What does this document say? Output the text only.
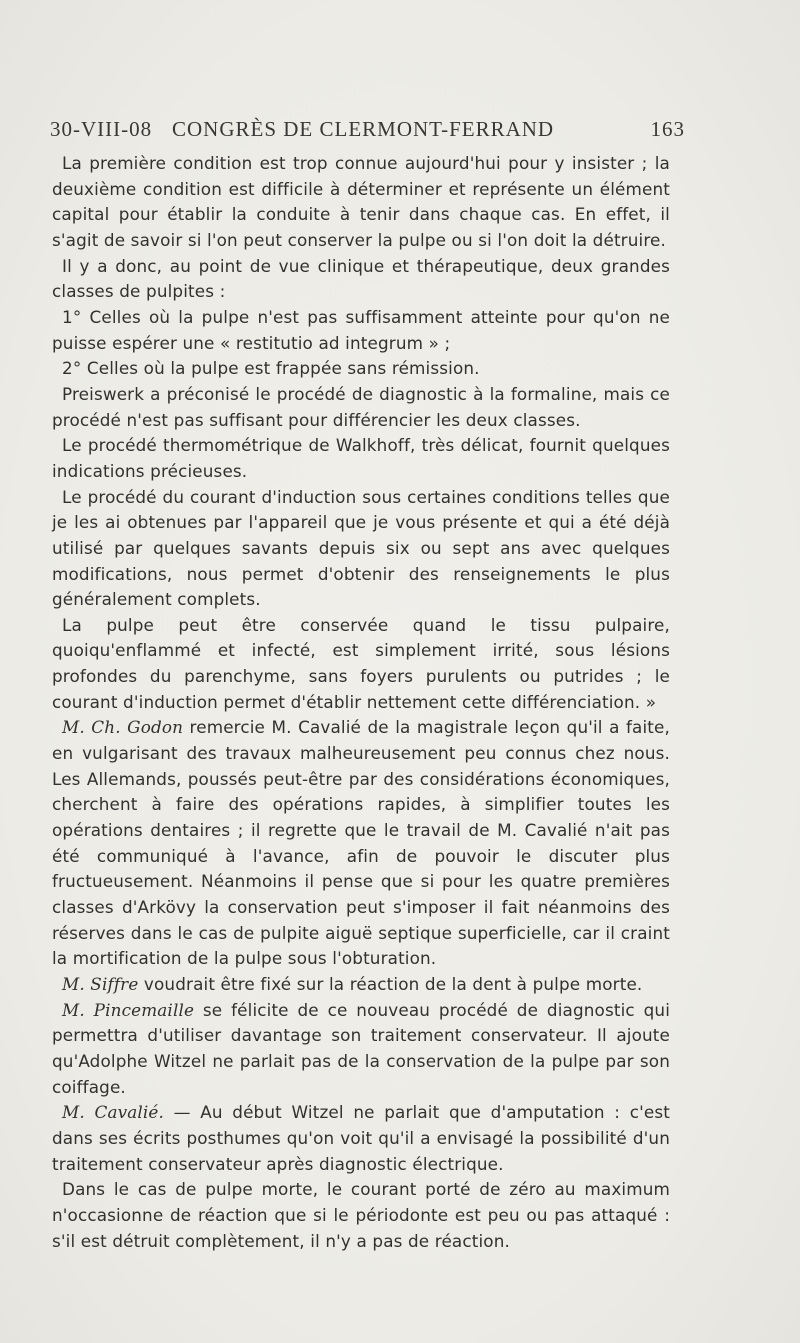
30-VIII-08 CONGRÈS DE CLERMONT-FERRAND	163

La première condition est trop connue aujourd'hui pour y insister ; la deuxième condition est difficile à déterminer et représente un élément capital pour établir la conduite à tenir dans chaque cas. En effet, il s'agit de savoir si l'on peut conserver la pulpe ou si l'on doit la détruire.

Il y a donc, au point de vue clinique et thérapeutique, deux grandes classes de pulpites :

1° Celles où la pulpe n'est pas suffisamment atteinte pour qu'on ne puisse espérer une « restitutio ad integrum » ;

2° Celles où la pulpe est frappée sans rémission.

Preiswerk a préconisé le procédé de diagnostic à la formaline, mais ce procédé n'est pas suffisant pour différencier les deux classes.

Le procédé thermométrique de Walkhoff, très délicat, fournit quelques indications précieuses.

Le procédé du courant d'induction sous certaines conditions telles que je les ai obtenues par l'appareil que je vous présente et qui a été déjà utilisé par quelques savants depuis six ou sept ans avec quelques modifications, nous permet d'obtenir des renseignements le plus généralement complets.

La pulpe peut être conservée quand le tissu pulpaire, quoiqu'enflammé et infecté, est simplement irrité, sous lésions profondes du parenchyme, sans foyers purulents ou putrides ; le courant d'induction permet d'établir nettement cette différenciation. »

M. Ch. Godon remercie M. Cavalié de la magistrale leçon qu'il a faite, en vulgarisant des travaux malheureusement peu connus chez nous. Les Allemands, poussés peut-être par des considérations économiques, cherchent à faire des opérations rapides, à simplifier toutes les opérations dentaires ; il regrette que le travail de M. Cavalié n'ait pas été communiqué à l'avance, afin de pouvoir le discuter plus fructueusement. Néanmoins il pense que si pour les quatre premières classes d'Arkövy la conservation peut s'imposer il fait néanmoins des réserves dans le cas de pulpite aiguë septique superficielle, car il craint la mortification de la pulpe sous l'obturation.

M. Siffre voudrait être fixé sur la réaction de la dent à pulpe morte.

M. Pincemaille se félicite de ce nouveau procédé de diagnostic qui permettra d'utiliser davantage son traitement conservateur. Il ajoute qu'Adolphe Witzel ne parlait pas de la conservation de la pulpe par son coiffage.

M. Cavalié. — Au début Witzel ne parlait que d'amputation : c'est dans ses écrits posthumes qu'on voit qu'il a envisagé la possibilité d'un traitement conservateur après diagnostic électrique.

Dans le cas de pulpe morte, le courant porté de zéro au maximum n'occasionne de réaction que si le périodonte est peu ou pas attaqué : s'il est détruit complètement, il n'y a pas de réaction.
